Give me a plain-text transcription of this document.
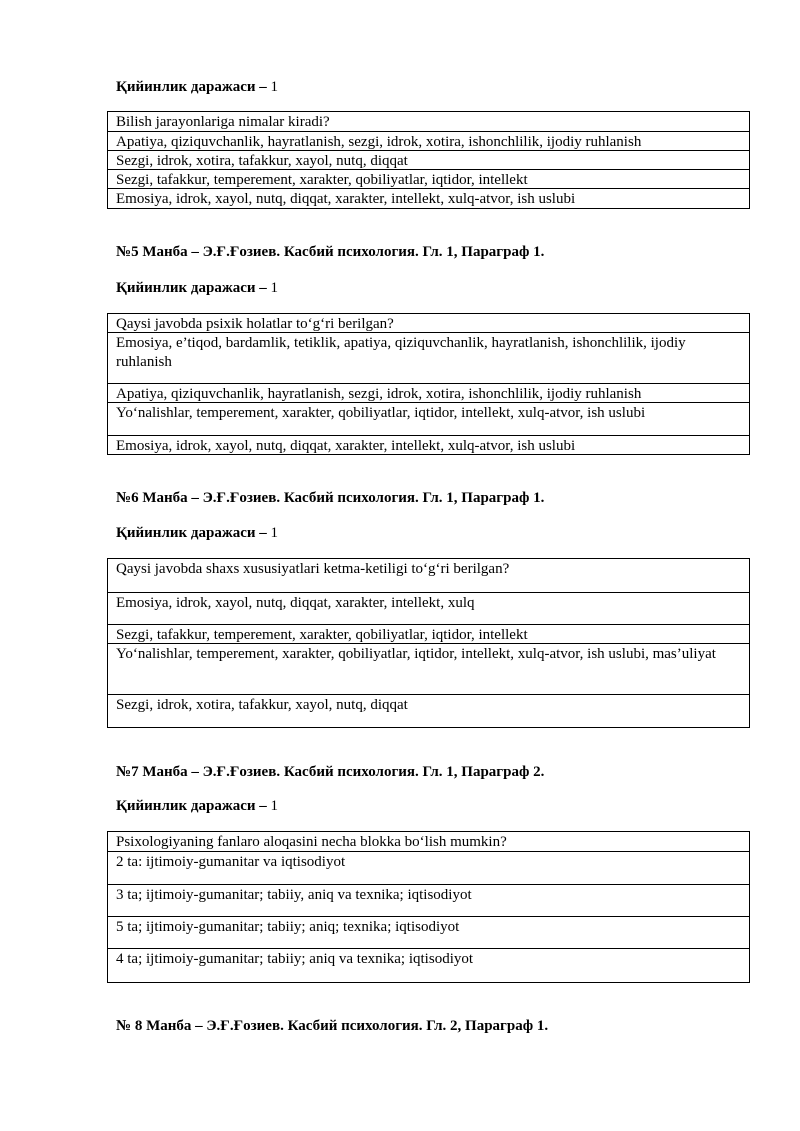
Қийинлик даражаси – 1
Bilish jarayonlariga nimalar kiradi?
Apatiya, qiziquvchanlik, hayratlanish, sezgi, idrok, xotira, ishonchlilik, ijodiy ruhlanish
Sezgi, idrok, xotira, tafakkur, xayol, nutq, diqqat
Sezgi, tafakkur, temperement, xarakter, qobiliyatlar, iqtidor, intellekt
Emosiya, idrok, xayol, nutq, diqqat, xarakter, intellekt, xulq-atvor, ish uslubi
№5 Манба – Э.Ғ.Ғозиев. Касбий психология. Гл. 1, Параграф 1.
Қийинлик даражаси – 1
Qaysi javobda psixik holatlar to‘g‘ri berilgan?
Emosiya, e’tiqod, bardamlik, tetiklik, apatiya, qiziquvchanlik, hayratlanish, ishonchlilik, ijodiy ruhlanish
Apatiya, qiziquvchanlik, hayratlanish, sezgi, idrok, xotira, ishonchlilik, ijodiy ruhlanish
Yo‘nalishlar, temperement, xarakter, qobiliyatlar, iqtidor, intellekt, xulq-atvor, ish uslubi
Emosiya, idrok, xayol, nutq, diqqat, xarakter, intellekt, xulq-atvor, ish uslubi
№6 Манба – Э.Ғ.Ғозиев. Касбий психология. Гл. 1, Параграф 1.
Қийинлик даражаси – 1
Qaysi javobda shaxs xususiyatlari ketma-ketiligi to‘g‘ri berilgan?
Emosiya, idrok, xayol, nutq, diqqat, xarakter, intellekt, xulq
Sezgi, tafakkur, temperement, xarakter, qobiliyatlar, iqtidor, intellekt
Yo‘nalishlar, temperement, xarakter, qobiliyatlar, iqtidor, intellekt, xulq-atvor, ish uslubi, mas’uliyat
Sezgi, idrok, xotira, tafakkur, xayol, nutq, diqqat
№7 Манба – Э.Ғ.Ғозиев. Касбий психология. Гл. 1, Параграф 2.
Қийинлик даражаси – 1
Psixologiyaning fanlaro aloqasini necha blokka bo‘lish mumkin?
2 ta: ijtimoiy-gumanitar va iqtisodiyot
3 ta; ijtimoiy-gumanitar; tabiiy, aniq va texnika; iqtisodiyot
5 ta; ijtimoiy-gumanitar; tabiiy; aniq; texnika; iqtisodiyot
4 ta; ijtimoiy-gumanitar; tabiiy; aniq va texnika; iqtisodiyot
№ 8 Манба – Э.Ғ.Ғозиев. Касбий психология. Гл. 2, Параграф 1.
